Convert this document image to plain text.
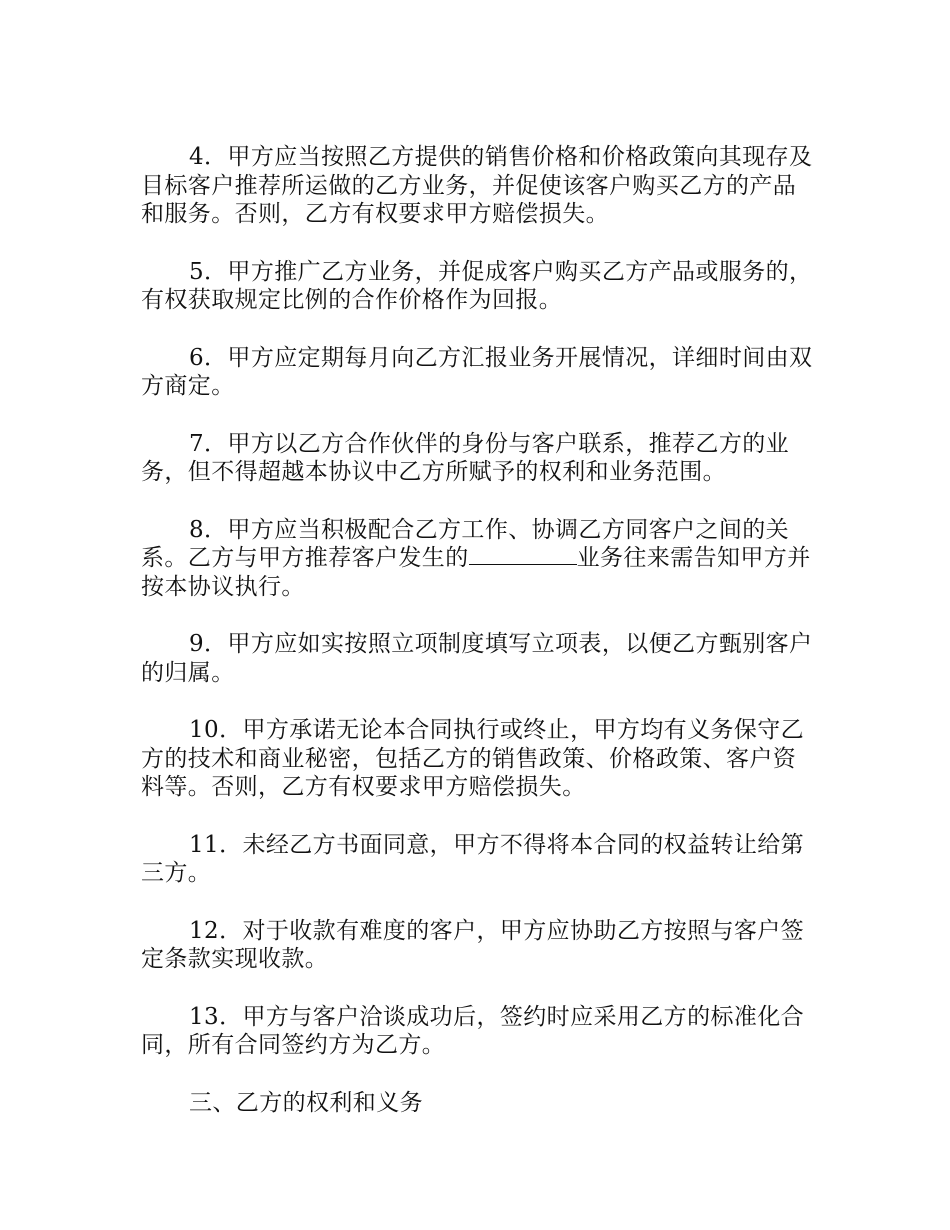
4．甲方应当按照乙方提供的销售价格和价格政策向其现存及目标客户推荐所运做的乙方业务，并促使该客户购买乙方的产品和服务。否则，乙方有权要求甲方赔偿损失。

5．甲方推广乙方业务，并促成客户购买乙方产品或服务的，有权获取规定比例的合作价格作为回报。

6．甲方应定期每月向乙方汇报业务开展情况，详细时间由双方商定。

7．甲方以乙方合作伙伴的身份与客户联系，推荐乙方的业务，但不得超越本协议中乙方所赋予的权利和业务范围。

8．甲方应当积极配合乙方工作、协调乙方同客户之间的关系。乙方与甲方推荐客户发生的	业务往来需告知甲方并按本协议执行。

9．甲方应如实按照立项制度填写立项表，以便乙方甄别客户的归属。

10．甲方承诺无论本合同执行或终止，甲方均有义务保守乙方的技术和商业秘密，包括乙方的销售政策、价格政策、客户资料等。否则，乙方有权要求甲方赔偿损失。

11．未经乙方书面同意，甲方不得将本合同的权益转让给第三方。

12．对于收款有难度的客户，甲方应协助乙方按照与客户签定条款实现收款。

13．甲方与客户洽谈成功后，签约时应采用乙方的标准化合同，所有合同签约方为乙方。

三、乙方的权利和义务
